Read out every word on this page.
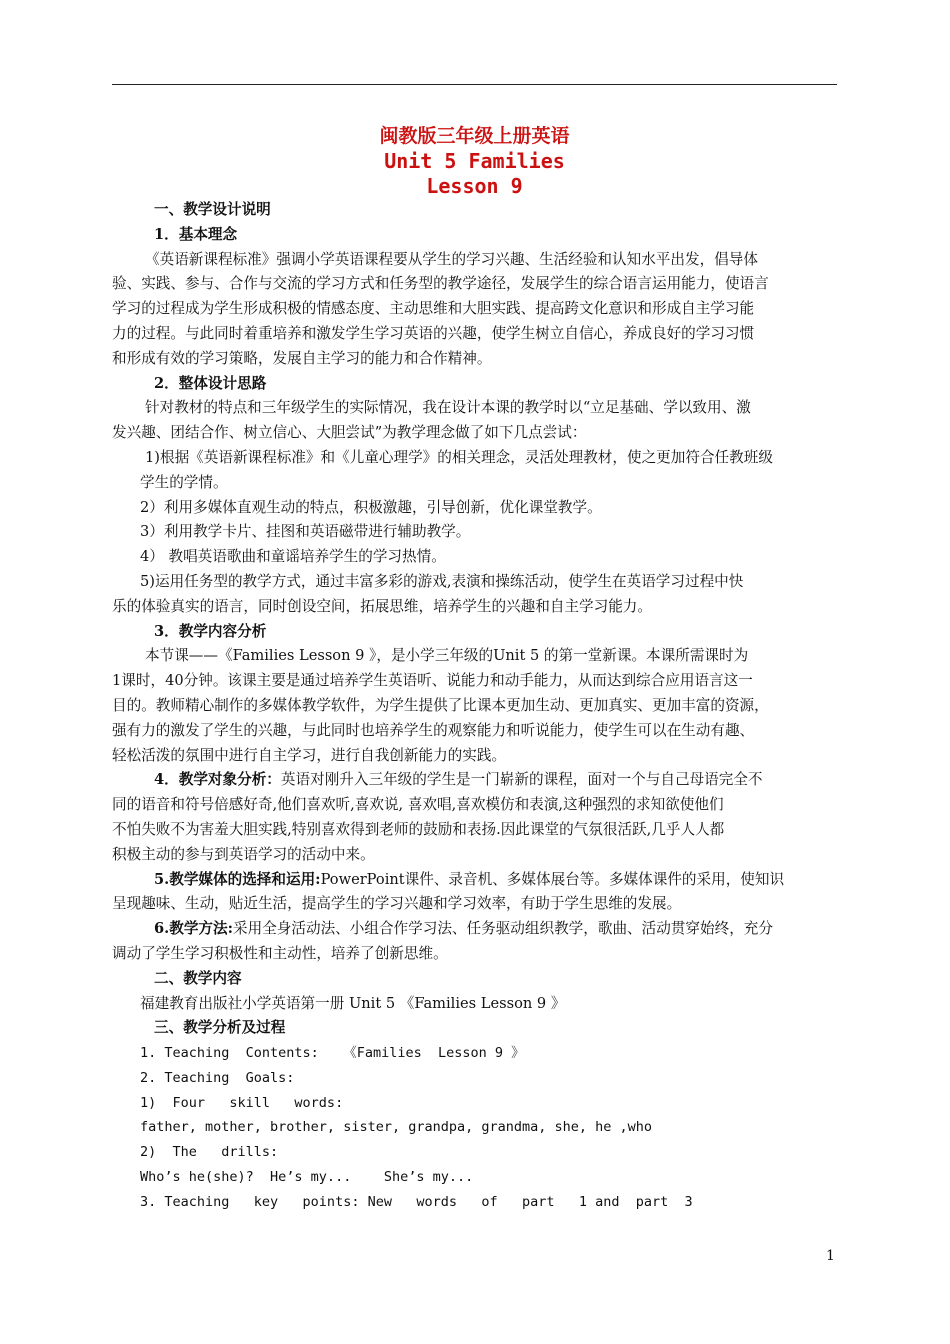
闽教版三年级上册英语
Unit 5 Families
Lesson 9

一、教学设计说明

1．基本理念

《英语新课程标准》强调小学英语课程要从学生的学习兴趣、生活经验和认知水平出发，倡导体

验、实践、参与、合作与交流的学习方式和任务型的教学途径，发展学生的综合语言运用能力，使语言

学习的过程成为学生形成积极的情感态度、主动思维和大胆实践、提高跨文化意识和形成自主学习能

力的过程。与此同时着重培养和激发学生学习英语的兴趣，使学生树立自信心，养成良好的学习习惯

和形成有效的学习策略，发展自主学习的能力和合作精神。

2．整体设计思路

针对教材的特点和三年级学生的实际情况，我在设计本课的教学时以“立足基础、学以致用、激

发兴趣、团结合作、树立信心、大胆尝试”为教学理念做了如下几点尝试：

1)根据《英语新课程标准》和《儿童心理学》的相关理念，灵活处理教材，使之更加符合任教班级

学生的学情。

2）利用多媒体直观生动的特点，积极激趣，引导创新，优化课堂教学。

3）利用教学卡片、挂图和英语磁带进行辅助教学。

4） 教唱英语歌曲和童谣培养学生的学习热情。

5)运用任务型的教学方式，通过丰富多彩的游戏,表演和操练活动，使学生在英语学习过程中快

乐的体验真实的语言，同时创设空间，拓展思维，培养学生的兴趣和自主学习能力。

3．教学内容分析

本节课——《Families Lesson 9 》，是小学三年级的Unit 5 的第一堂新课。本课所需课时为

1课时，40分钟。该课主要是通过培养学生英语听、说能力和动手能力，从而达到综合应用语言这一

目的。教师精心制作的多媒体教学软件，为学生提供了比课本更加生动、更加真实、更加丰富的资源，

强有力的激发了学生的兴趣，与此同时也培养学生的观察能力和听说能力，使学生可以在生动有趣、

轻松活泼的氛围中进行自主学习，进行自我创新能力的实践。

4．教学对象分析：英语对刚升入三年级的学生是一门崭新的课程，面对一个与自己母语完全不

同的语音和符号倍感好奇,他们喜欢听,喜欢说, 喜欢唱,喜欢模仿和表演,这种强烈的求知欲使他们

不怕失败不为害羞大胆实践,特别喜欢得到老师的鼓励和表扬.因此课堂的气氛很活跃,几乎人人都

积极主动的参与到英语学习的活动中来。

5.教学媒体的选择和运用:PowerPoint课件、录音机、多媒体展台等。多媒体课件的采用，使知识

呈现趣味、生动，贴近生活，提高学生的学习兴趣和学习效率，有助于学生思维的发展。

6.教学方法:采用全身活动法、小组合作学习法、任务驱动组织教学，歌曲、活动贯穿始终，充分

调动了学生学习积极性和主动性，培养了创新思维。

二、教学内容

福建教育出版社小学英语第一册 Unit 5 《Families Lesson 9 》

三、教学分析及过程

1. Teaching  Contents:   《Families  Lesson 9 》

2. Teaching  Goals:

1)  Four   skill   words:

father, mother, brother, sister, grandpa, grandma, she, he ,who

2)  The   drills:

Who’s he(she)?  He’s my...    She’s my...

3. Teaching   key   points: New   words   of   part   1 and  part  3

1
